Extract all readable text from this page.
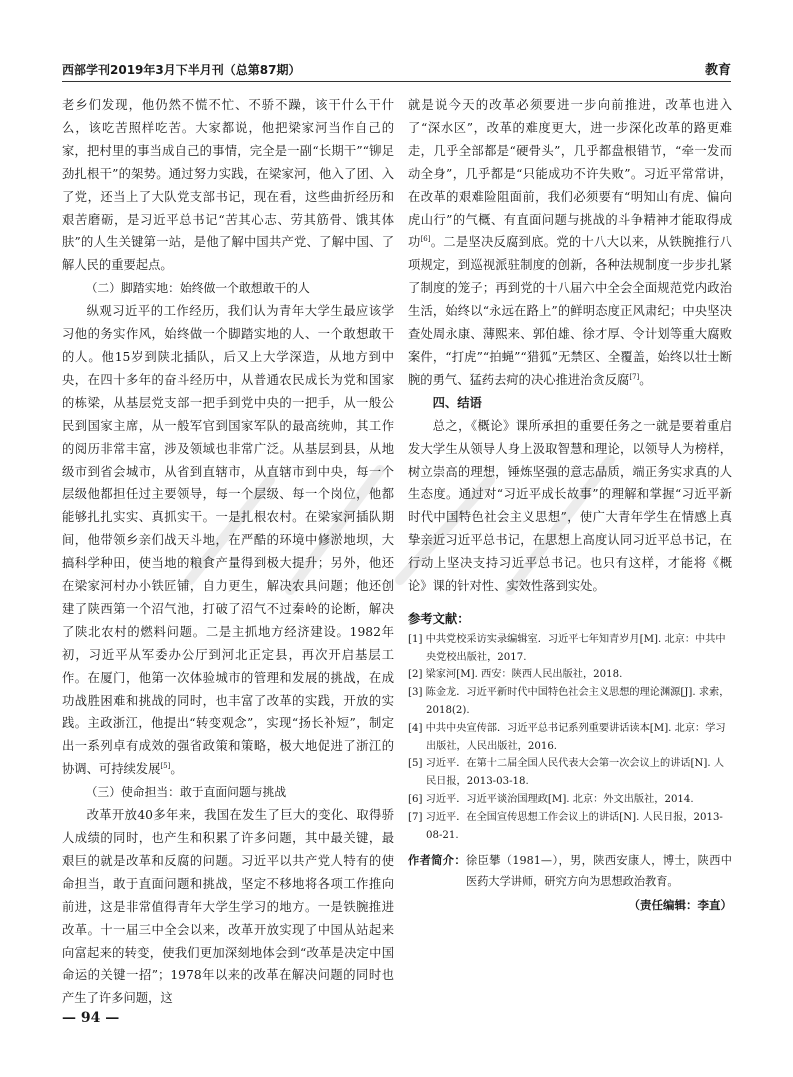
西部学刊2019年3月下半月刊（总第87期）	教育

老乡们发现，他仍然不慌不忙、不骄不躁，该干什么干什么，该吃苦照样吃苦。大家都说，他把梁家河当作自己的家，把村里的事当成自己的事情，完全是一副“长期干”“铆足劲扎根干”的架势。通过努力实践，在梁家河，他入了团、入了党，还当上了大队党支部书记，现在看，这些曲折经历和艰苦磨砺，是习近平总书记“苦其心志、劳其筋骨、饿其体肤”的人生关键第一站，是他了解中国共产党、了解中国、了解人民的重要起点。

（二）脚踏实地：始终做一个敢想敢干的人

纵观习近平的工作经历，我们认为青年大学生最应该学习他的务实作风，始终做一个脚踏实地的人、一个敢想敢干的人。他15岁到陕北插队，后又上大学深造，从地方到中央，在四十多年的奋斗经历中，从普通农民成长为党和国家的栋梁，从基层党支部一把手到党中央的一把手，从一般公民到国家主席，从一般军官到国家军队的最高统帅，其工作的阅历非常丰富，涉及领域也非常广泛。从基层到县，从地级市到省会城市，从省到直辖市，从直辖市到中央，每一个层级他都担任过主要领导，每一个层级、每一个岗位，他都能够扎扎实实、真抓实干。一是扎根农村。在梁家河插队期间，他带领乡亲们战天斗地，在严酷的环境中修淤地坝，大搞科学种田，使当地的粮食产量得到极大提升；另外，他还在梁家河村办小铁匠铺，自力更生，解决农具问题；他还创建了陕西第一个沼气池，打破了沼气不过秦岭的论断，解决了陕北农村的燃料问题。二是主抓地方经济建设。1982年初，习近平从军委办公厅到河北正定县，再次开启基层工作。在厦门，他第一次体验城市的管理和发展的挑战，在成功战胜困难和挑战的同时，也丰富了改革的实践，开放的实践。主政浙江，他提出“转变观念”，实现“扬长补短”，制定出一系列卓有成效的强省政策和策略，极大地促进了浙江的协调、可持续发展[5]。

（三）使命担当：敢于直面问题与挑战

改革开放40多年来，我国在发生了巨大的变化、取得骄人成绩的同时，也产生和积累了许多问题，其中最关键，最艰巨的就是改革和反腐的问题。习近平以共产党人特有的使命担当，敢于直面问题和挑战，坚定不移地将各项工作推向前进，这是非常值得青年大学生学习的地方。一是铁腕推进改革。十一届三中全会以来，改革开放实现了中国从站起来向富起来的转变，使我们更加深刻地体会到“改革是决定中国命运的关键一招”；1978年以来的改革在解决问题的同时也产生了许多问题，这

就是说今天的改革必须要进一步向前推进，改革也进入了“深水区”，改革的难度更大，进一步深化改革的路更难走，几乎全部都是“硬骨头”，几乎都盘根错节，“牵一发而动全身”，几乎都是“只能成功不许失败”。习近平常常讲，在改革的艰难险阻面前，我们必须要有“明知山有虎、偏向虎山行”的气概、有直面问题与挑战的斗争精神才能取得成功[6]。二是坚决反腐到底。党的十八大以来，从铁腕推行八项规定，到巡视派驻制度的创新，各种法规制度一步步扎紧了制度的笼子；再到党的十八届六中全会全面规范党内政治生活，始终以“永远在路上”的鲜明态度正风肃纪；中央坚决查处周永康、薄熙来、郭伯雄、徐才厚、令计划等重大腐败案件，“打虎”“拍蝇”“猎狐”无禁区、全覆盖，始终以壮士断腕的勇气、猛药去疴的决心推进治贪反腐[7]。

四、结语

总之，《概论》课所承担的重要任务之一就是要着重启发大学生从领导人身上汲取智慧和理论，以领导人为榜样，树立崇高的理想，锤炼坚强的意志品质，端正务实求真的人生态度。通过对“习近平成长故事”的理解和掌握“习近平新时代中国特色社会主义思想”，使广大青年学生在情感上真挚亲近习近平总书记，在思想上高度认同习近平总书记，在行动上坚决支持习近平总书记。也只有这样，才能将《概论》课的针对性、实效性落到实处。

参考文献：
[1] 中共党校采访实录编辑室．习近平七年知青岁月[M]. 北京：中共中央党校出版社，2017.
[2] 梁家河[M]. 西安：陕西人民出版社，2018.
[3] 陈金龙．习近平新时代中国特色社会主义思想的理论渊源[J]. 求索，2018(2).
[4] 中共中央宣传部．习近平总书记系列重要讲话读本[M]. 北京：学习出版社，人民出版社，2016.
[5] 习近平．在第十二届全国人民代表大会第一次会议上的讲话[N]. 人民日报，2013-03-18.
[6] 习近平．习近平谈治国理政[M]. 北京：外文出版社，2014.
[7] 习近平．在全国宣传思想工作会议上的讲话[N]. 人民日报，2013-08-21.
作者简介：徐臣攀（1981—），男，陕西安康人，博士，陕西中医药大学讲师，研究方向为思想政治教育。
（责任编辑：李直）
— 94 —
